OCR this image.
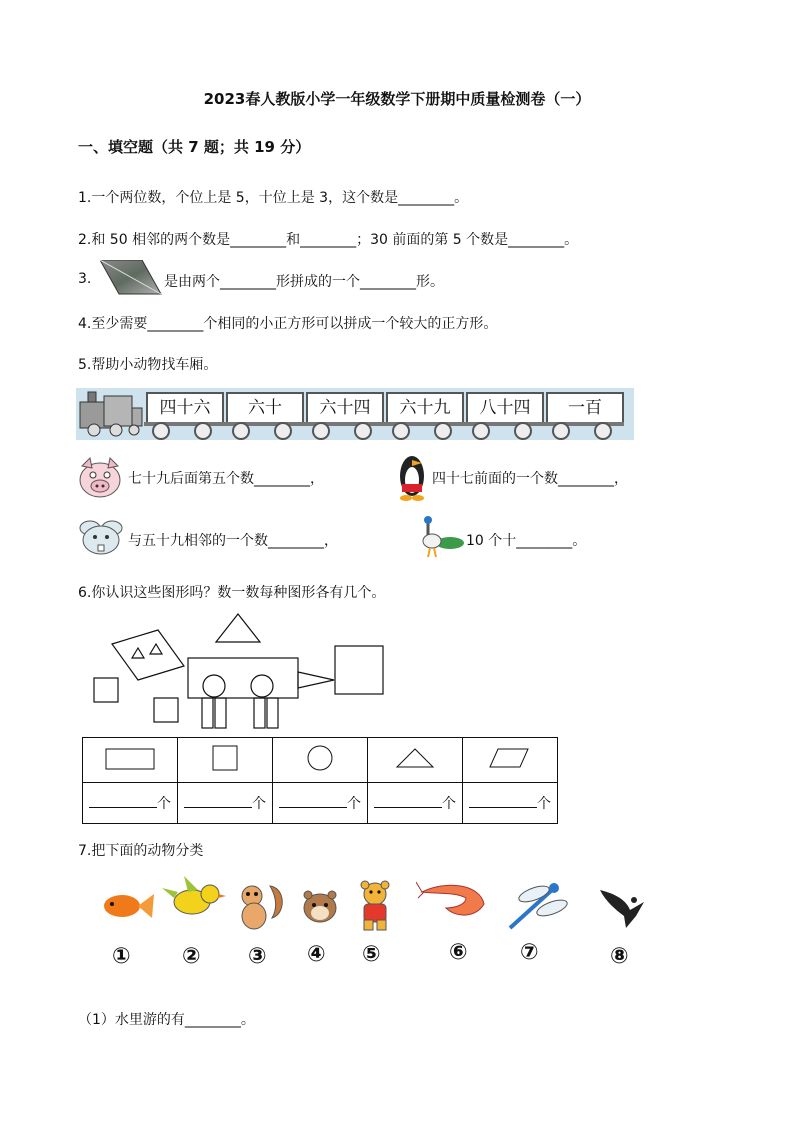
2023春人教版小学一年级数学下册期中质量检测卷（一）
一、填空题（共 7 题；共 19 分）
1.一个两位数，个位上是 5，十位上是 3，这个数是________。
2.和 50 相邻的两个数是________和________；30 前面的第 5 个数是________。
3.	是由两个________形拼成的一个________形。
4.至少需要________个相同的小正方形可以拼成一个较大的正方形。
5.帮助小动物找车厢。
四十六	六十	六十四	六十九	八十四	一百
七十九后面第五个数________，	四十七前面的一个数________，
与五十九相邻的一个数________，	10 个十________。
6.你认识这些图形吗？数一数每种图形各有几个。

个	个	个	个	个
7.把下面的动物分类
① ② ③ ④ ⑤	⑥ ⑦	⑧
（1）水里游的有________。
